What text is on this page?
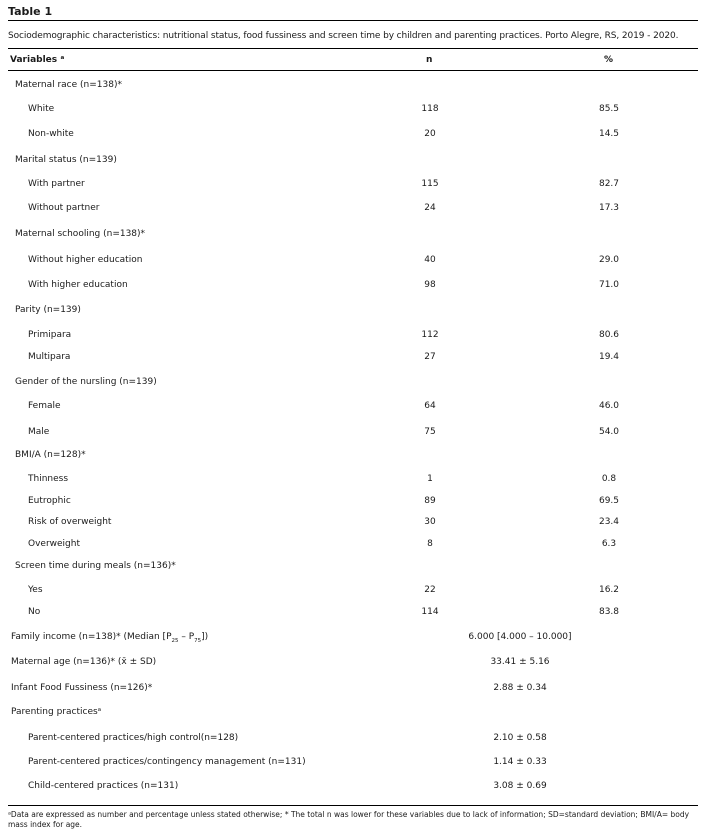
Table 1
Sociodemographic characteristics: nutritional status, food fussiness and screen time by children and parenting practices. Porto Alegre, RS, 2019 - 2020.
Variables ᵃ	n	%
Maternal race (n=138)*
White	118	85.5
Non-white	20	14.5
Marital status (n=139)
With partner	115	82.7
Without partner	24	17.3
Maternal schooling (n=138)*
Without higher education	40	29.0
With higher education	98	71.0
Parity (n=139)
Primipara	112	80.6
Multipara	27	19.4
Gender of the nursling (n=139)
Female	64	46.0
Male	75	54.0
BMI/A (n=128)*
Thinness	1	0.8
Eutrophic	89	69.5
Risk of overweight	30	23.4
Overweight	8	6.3
Screen time during meals (n=136)*
Yes	22	16.2
No	114	83.8
Family income (n=138)* (Median $[P_{25} - P_{75}]$)	6.000 [4.000 – 10.000]
Maternal age (n=136)* (x̄ ± SD)	33.41 ± 5.16
Infant Food Fussiness (n=126)*	2.88 ± 0.34
Parenting practicesᵃ
Parent-centered practices/high control(n=128)	2.10 ± 0.58
Parent-centered practices/contingency management (n=131)	1.14 ± 0.33
Child-centered practices (n=131)	3.08 ± 0.69
ᵃData are expressed as number and percentage unless stated otherwise; * The total n was lower for these variables due to lack of information; SD=standard deviation; BMI/A= body mass index for age.
